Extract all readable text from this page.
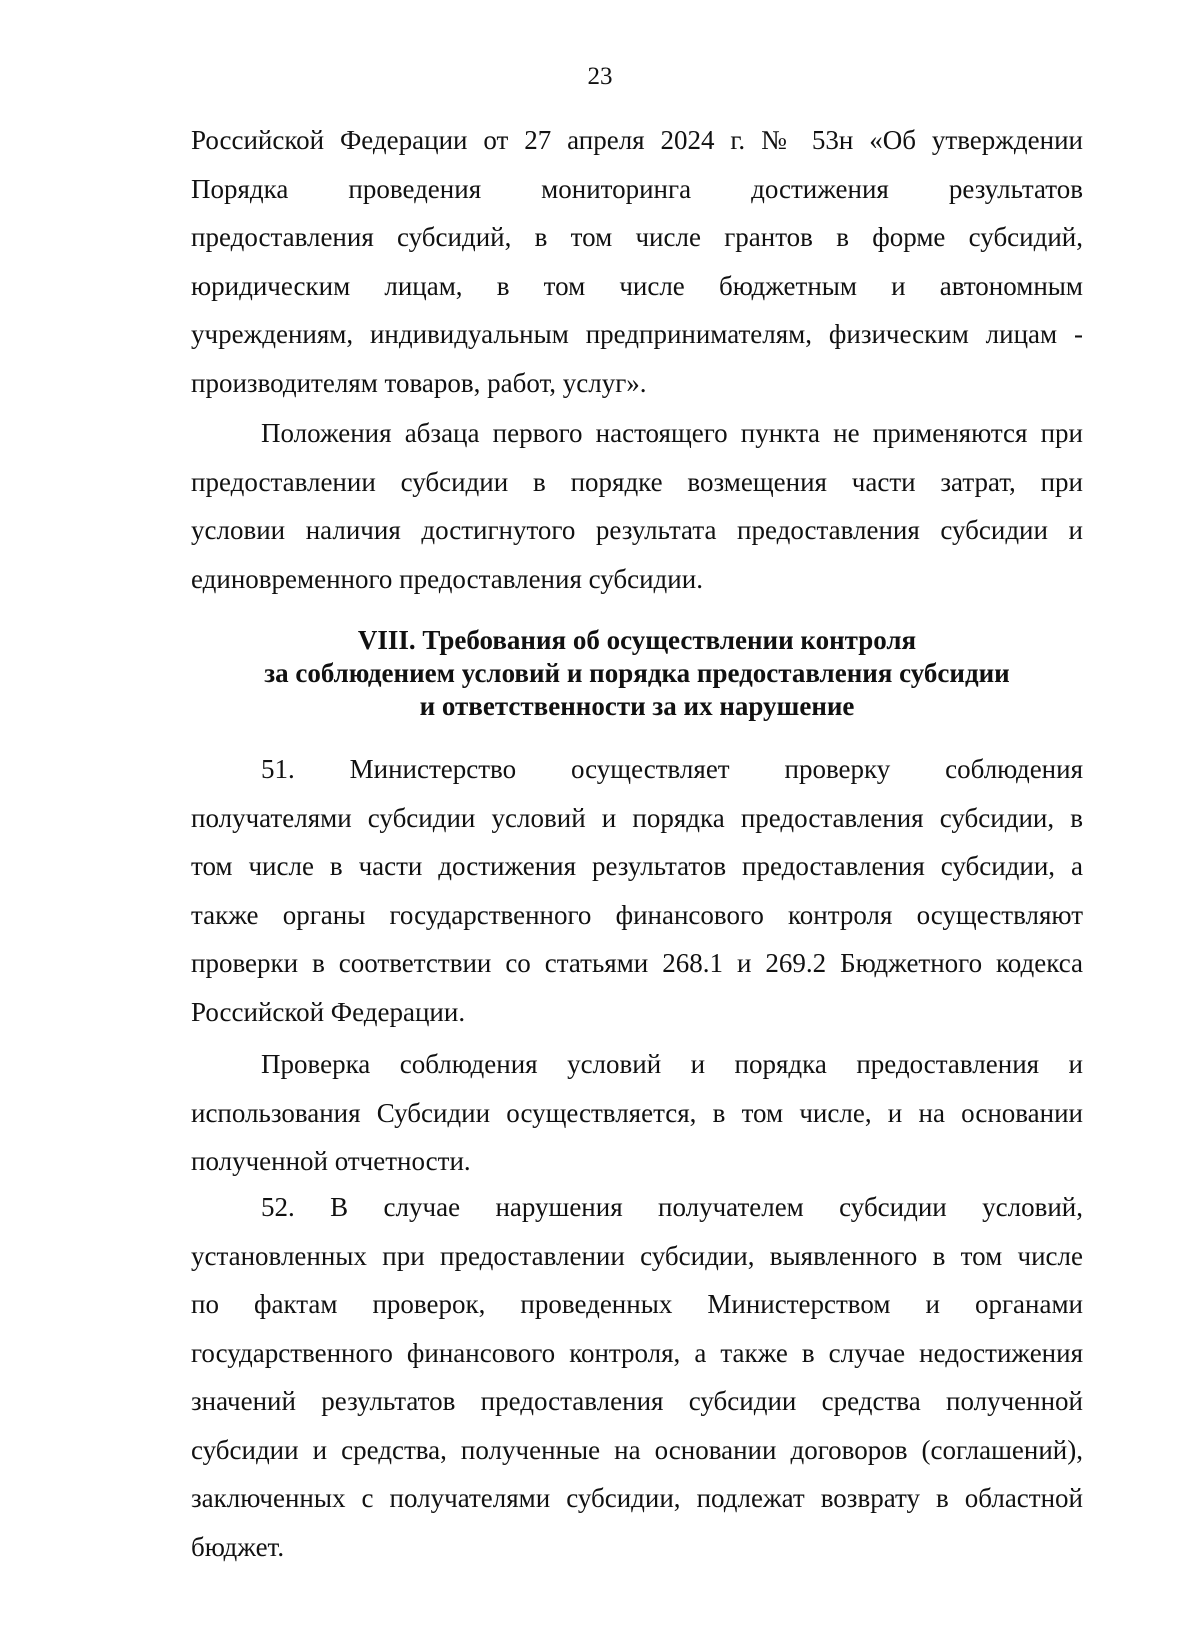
23
Российской Федерации от 27 апреля 2024 г. № 53н «Об утверждении
Порядка проведения мониторинга достижения результатов
предоставления субсидий, в том числе грантов в форме субсидий,
юридическим лицам, в том числе бюджетным и автономным
учреждениям, индивидуальным предпринимателям, физическим лицам -
производителям товаров, работ, услуг».
Положения абзаца первого настоящего пункта не применяются при
предоставлении субсидии в порядке возмещения части затрат, при
условии наличия достигнутого результата предоставления субсидии и
единовременного предоставления субсидии.
VIII. Требования об осуществлении контроля
за соблюдением условий и порядка предоставления субсидии
и ответственности за их нарушение
51. Министерство осуществляет проверку соблюдения
получателями субсидии условий и порядка предоставления субсидии, в
том числе в части достижения результатов предоставления субсидии, а
также органы государственного финансового контроля осуществляют
проверки в соответствии со статьями 268.1 и 269.2 Бюджетного кодекса
Российской Федерации.
Проверка соблюдения условий и порядка предоставления и
использования Субсидии осуществляется, в том числе, и на основании
полученной отчетности.
52. В случае нарушения получателем субсидии условий,
установленных при предоставлении субсидии, выявленного в том числе
по фактам проверок, проведенных Министерством и органами
государственного финансового контроля, а также в случае недостижения
значений результатов предоставления субсидии средства полученной
субсидии и средства, полученные на основании договоров (соглашений),
заключенных с получателями субсидии, подлежат возврату в областной
бюджет.
